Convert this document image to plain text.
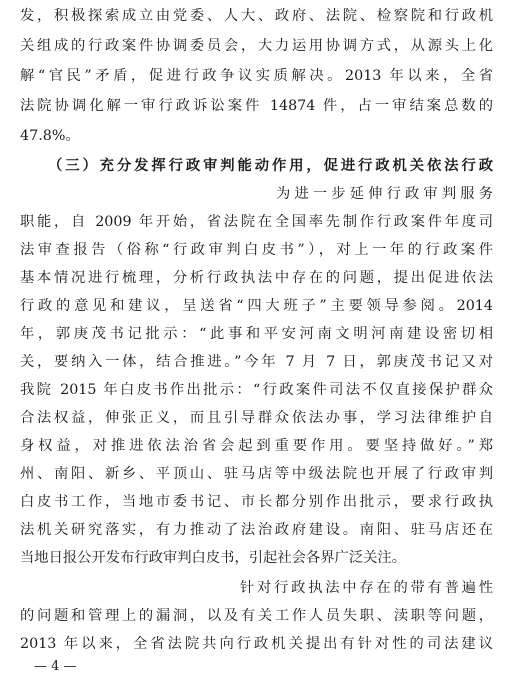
发，积极探索成立由党委、人大、政府、法院、检察院和行政机
关组成的行政案件协调委员会，大力运用协调方式，从源头上化
解“官民”矛盾，促进行政争议实质解决。2013 年以来，全省
法院协调化解一审行政诉讼案件 14874 件，占一审结案总数的
47.8%。
（三）充分发挥行政审判能动作用，促进行政机关依法行政
为进一步延伸行政审判服务
职能，自 2009 年开始，省法院在全国率先制作行政案件年度司
法审查报告（俗称“行政审判白皮书”），对上一年的行政案件
基本情况进行梳理，分析行政执法中存在的问题，提出促进依法
行政的意见和建议，呈送省“四大班子”主要领导参阅。2014
年，郭庚茂书记批示：“此事和平安河南文明河南建设密切相
关，要纳入一体，结合推进。”今年 7 月 7 日，郭庚茂书记又对
我院 2015 年白皮书作出批示：“行政案件司法不仅直接保护群众
合法权益，伸张正义，而且引导群众依法办事，学习法律维护自
身权益，对推进依法治省会起到重要作用。要坚持做好。”郑
州、南阳、新乡、平顶山、驻马店等中级法院也开展了行政审判
白皮书工作，当地市委书记、市长都分别作出批示，要求行政执
法机关研究落实，有力推动了法治政府建设。南阳、驻马店还在
当地日报公开发布行政审判白皮书，引起社会各界广泛关注。
针对行政执法中存在的带有普遍性
的问题和管理上的漏洞，以及有关工作人员失职、渎职等问题，
2013 年以来，全省法院共向行政机关提出有针对性的司法建议
— 4 —
